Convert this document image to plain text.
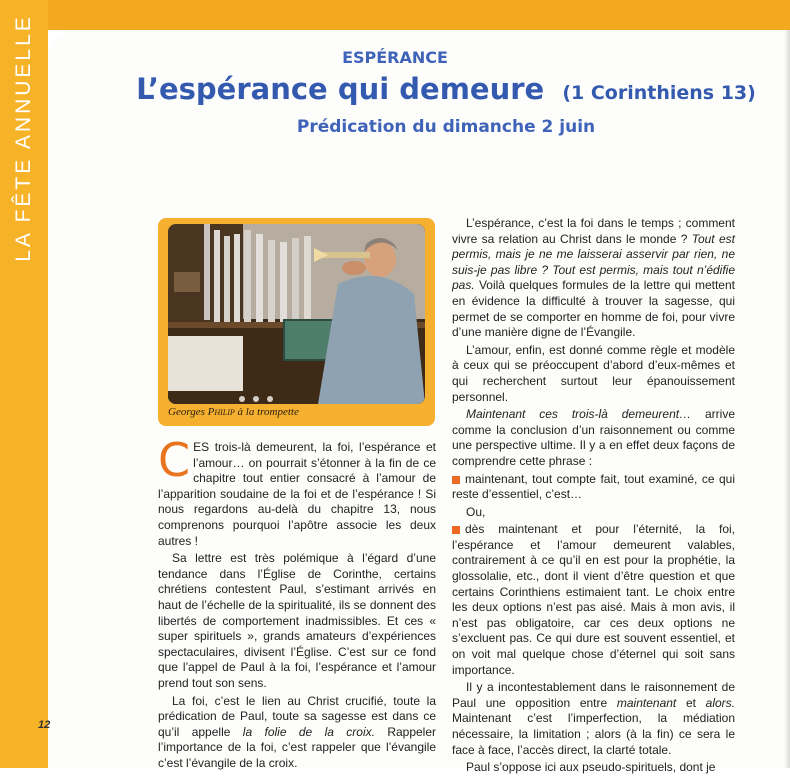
LA FÊTE ANNUELLE	ESPÉRANCE
L’espérance qui demeure (1 Corinthiens 13)
Prédication du dimanche 2 juin
Georges Philip à la trompette

CES trois-là demeurent, la foi, l’espérance et l’amour… on pourrait s’étonner à la fin de ce chapitre tout entier consacré à l’amour de l’apparition soudaine de la foi et de l’espérance ! Si nous regardons au-delà du chapitre 13, nous comprenons pourquoi l’apôtre associe les deux autres !

Sa lettre est très polémique à l’égard d’une tendance dans l’Église de Corinthe, certains chrétiens contestent Paul, s’estimant arrivés en haut de l’échelle de la spiritualité, ils se donnent des libertés de comportement inadmissibles. Et ces « super spirituels », grands amateurs d’expériences spectaculaires, divisent l’Église. C’est sur ce fond que l’appel de Paul à la foi, l’espérance et l’amour prend tout son sens.

La foi, c’est le lien au Christ crucifié, toute la prédication de Paul, toute sa sagesse est dans ce qu’il appelle la folie de la croix. Rappeler l’importance de la foi, c’est rappeler que l’évangile c’est l’évangile de la croix.

L’espérance, c’est la foi dans le temps ; comment vivre sa relation au Christ dans le monde ? Tout est permis, mais je ne me laisserai asservir par rien, ne suis-je pas libre ? Tout est permis, mais tout n’édifie pas. Voilà quelques formules de la lettre qui mettent en évidence la difficulté à trouver la sagesse, qui permet de se comporter en homme de foi, pour vivre d’une manière digne de l’Évangile.

L’amour, enfin, est donné comme règle et modèle à ceux qui se préoccupent d’abord d’eux-mêmes et qui recherchent surtout leur épanouissement personnel.

Maintenant ces trois-là demeurent… arrive comme la conclusion d’un raisonnement ou comme une perspective ultime. Il y a en effet deux façons de comprendre cette phrase :

maintenant, tout compte fait, tout examiné, ce qui reste d’essentiel, c’est…

Ou,

dès maintenant et pour l’éternité, la foi, l’espérance et l’amour demeurent valables, contrairement à ce qu’il en est pour la prophétie, la glossolalie, etc., dont il vient d’être question et que certains Corinthiens estimaient tant. Le choix entre les deux options n’est pas aisé. Mais à mon avis, il n’est pas obligatoire, car ces deux options ne s’excluent pas. Ce qui dure est souvent essentiel, et on voit mal quelque chose d’éternel qui soit sans importance.

Il y a incontestablement dans le raisonnement de Paul une opposition entre maintenant et alors. Maintenant c’est l’imperfection, la médiation nécessaire, la limitation ; alors (à la fin) ce sera le face à face, l’accès direct, la clarté totale.

Paul s’oppose ici aux pseudo-spirituels, dont je

12
